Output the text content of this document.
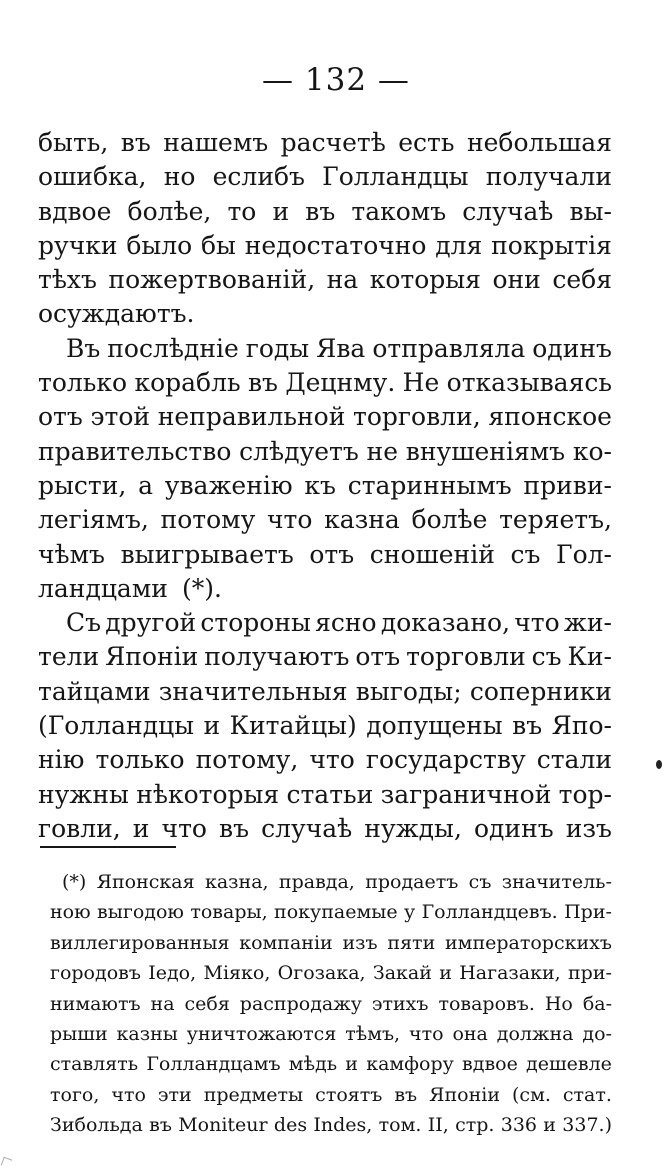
— 132 —
быть, въ нашемъ расчетѣ есть небольшая
ошибка, но еслибъ Голландцы получали
вдвое болѣе, то и въ такомъ случаѣ вы-
ручки было бы недостаточно для покрытія
тѣхъ пожертвованій, на которыя они себя
осуждаютъ.
Въ послѣдніе годы Ява отправляла одинъ
только корабль въ Децнму. Не отказываясь
отъ этой неправильной торговли, японское
правительство слѣдуетъ не внушеніямъ ко-
рысти, а уваженію къ стариннымъ приви-
легіямъ, потому что казна болѣе теряетъ,
чѣмъ выигрываетъ отъ сношеній съ Гол-
ландцами (*).
Съ другой стороны ясно доказано, что жи-
тели Японіи получаютъ отъ торговли съ Ки-
тайцами значительныя выгоды; соперники
(Голландцы и Китайцы) допущены въ Япо-
нію только потому, что государству стали
нужны нѣкоторыя статьи заграничной тор-
говли, и что въ случаѣ нужды, одинъ изъ
(*) Японская казна, правда, продаетъ съ значитель-
ною выгодою товары, покупаемые у Голландцевъ. При-
виллегированныя компаніи изъ пяти императорскихъ
городовъ Іедо, Міяко, Огозака, Закай и Нагазаки, при-
нимаютъ на себя распродажу этихъ товаровъ. Но ба-
рыши казны уничтожаются тѣмъ, что она должна до-
ставлять Голландцамъ мѣдь и камфору вдвое дешевле
того, что эти предметы стоятъ въ Японіи (см. стат.
Зибольда въ Moniteur des Indes, том. II, стр. 336 и 337.)
